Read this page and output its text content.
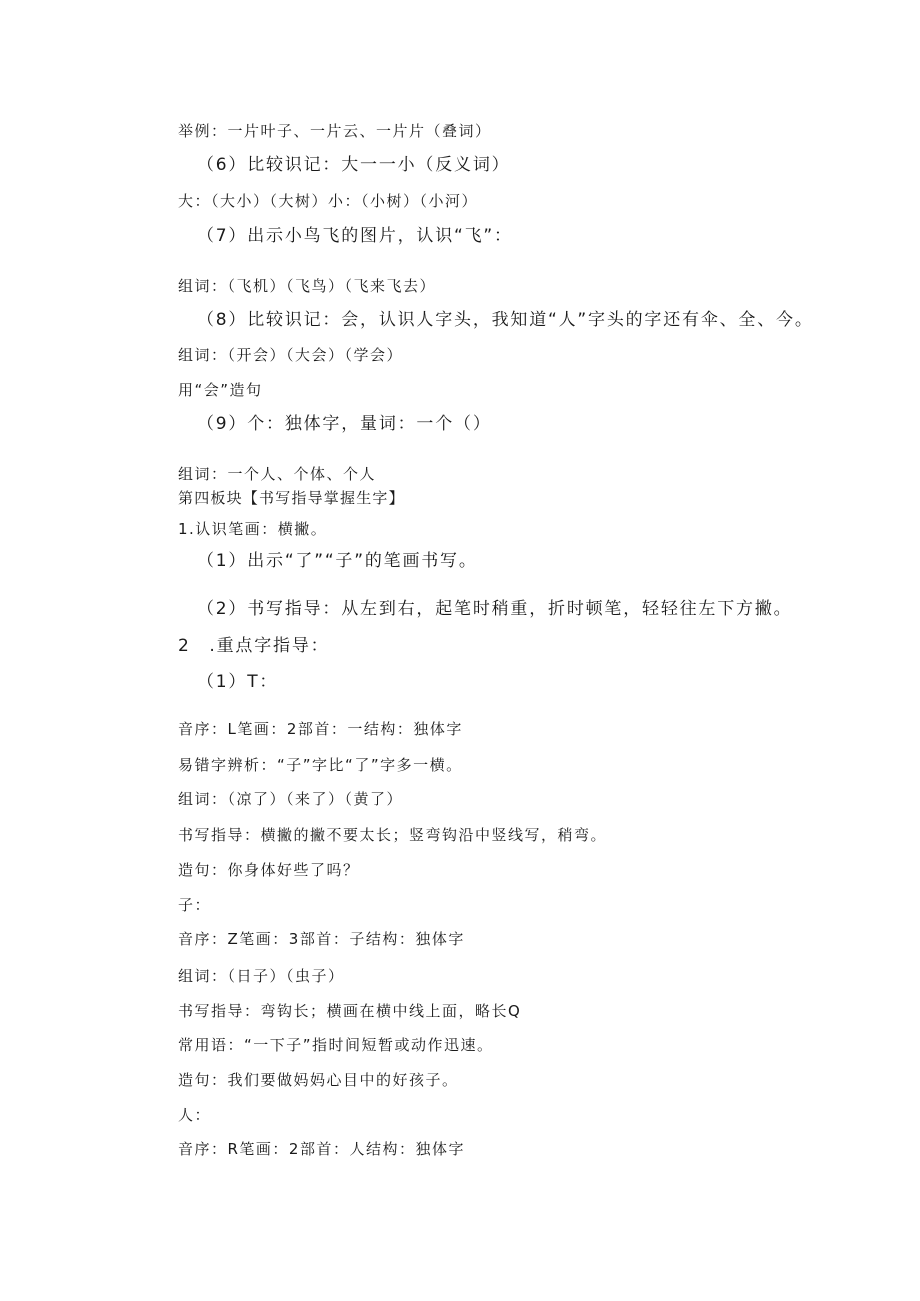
举例：一片叶子、一片云、一片片（叠词）
（6）比较识记：大一一小（反义词）
大：（大小）（大树）小：（小树）（小河）
（7）出示小鸟飞的图片，认识“飞”：
组词：（飞机）（飞鸟）（飞来飞去）
（8）比较识记：会，认识人字头，我知道“人”字头的字还有伞、全、今。
组词：（开会）（大会）（学会）
用“会”造句
（9）个：独体字，量词：一个（）
组词：一个人、个体、个人
第四板块【书写指导掌握生字】
1.认识笔画：横撇。
（1）出示“了”“子”的笔画书写。
（2）书写指导：从左到右，起笔时稍重，折时顿笔，轻轻往左下方撇。
2　.重点字指导：
（1）T：
音序：L笔画：2部首：一结构：独体字
易错字辨析：“子”字比“了”字多一横。
组词：（凉了）（来了）（黄了）
书写指导：横撇的撇不要太长；竖弯钩沿中竖线写，稍弯。
造句：你身体好些了吗？
子：
音序：Z笔画：3部首：子结构：独体字
组词：（日子）（虫子）
书写指导：弯钩长；横画在横中线上面，略长Q
常用语：“一下子”指时间短暂或动作迅速。
造句：我们要做妈妈心目中的好孩子。
人：
音序：R笔画：2部首：人结构：独体字
